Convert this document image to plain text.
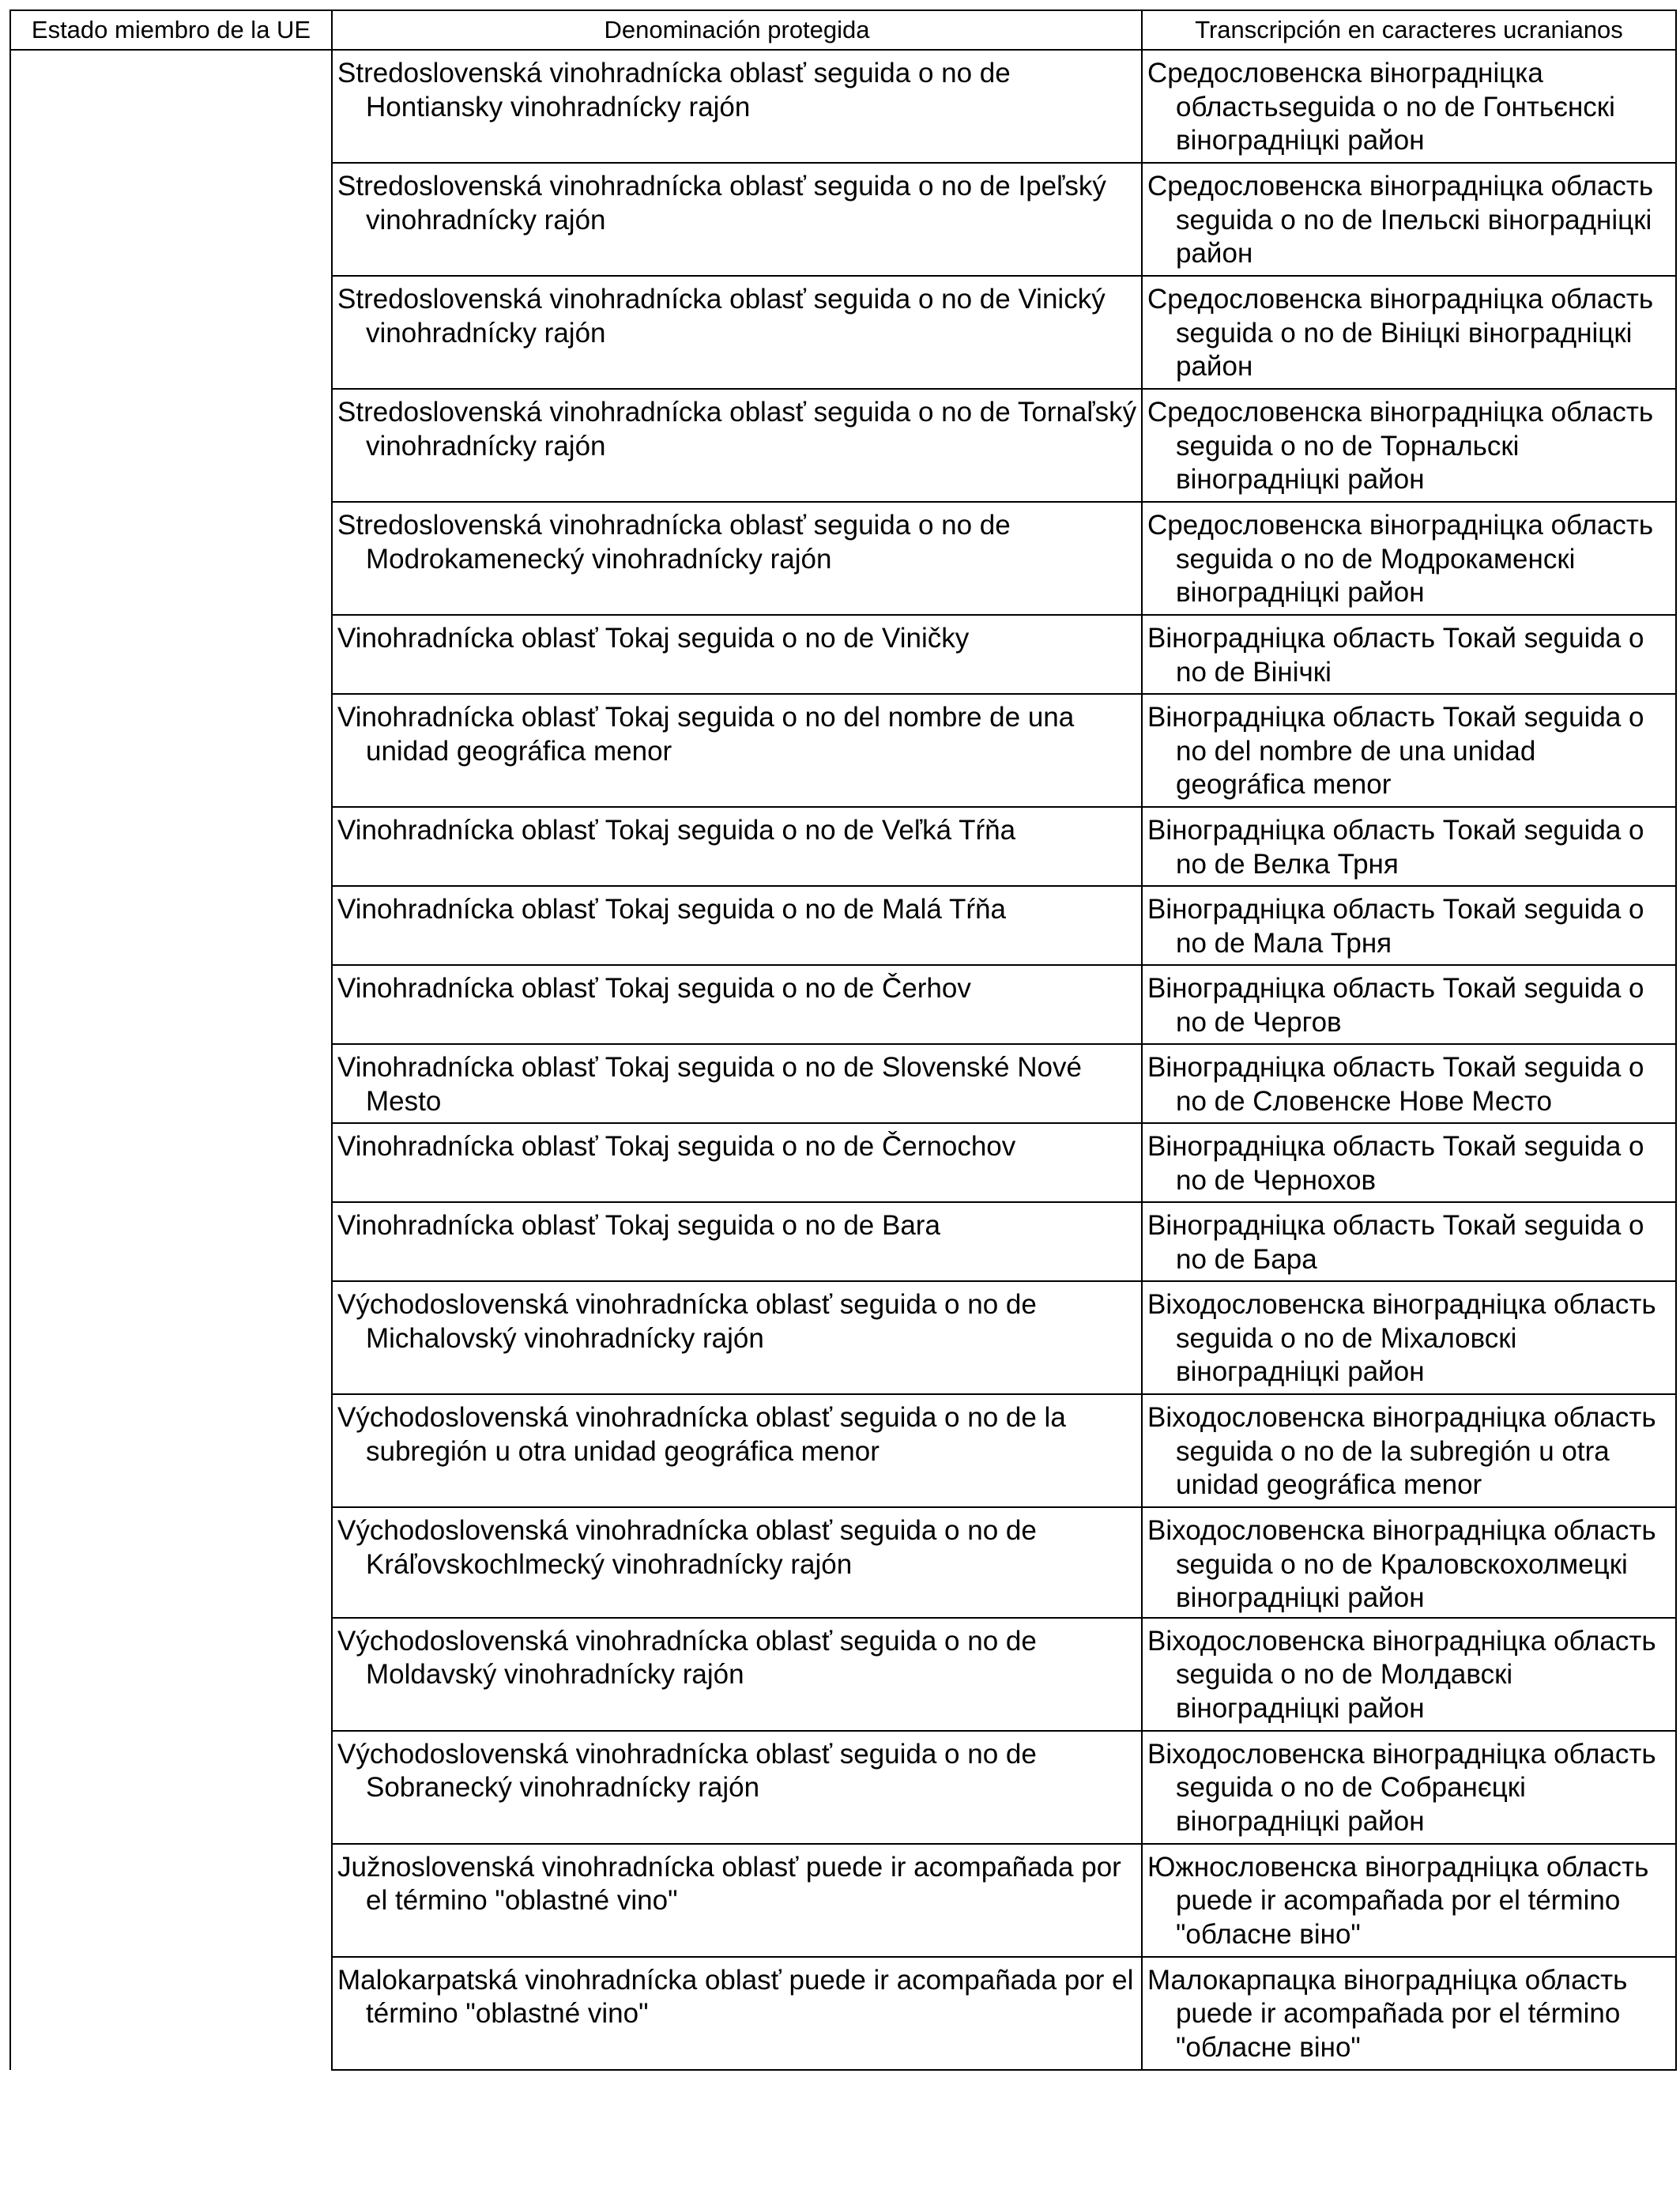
Estado miembro de la UE	Denominación protegida	Transcripción en caracteres ucranianos

	Stredoslovenská vinohradnícka oblasť seguida o no de Hontiansky vinohradnícky rajón	Средословенска віноградніцка областьseguida o no de Гонтьєнскі віноградніцкі район

	Stredoslovenská vinohradnícka oblasť seguida o no de Ipeľský vinohradnícky rajón	Средословенска віноградніцка область seguida o no de Іпельскі віноградніцкі район

	Stredoslovenská vinohradnícka oblasť seguida o no de Vinický vinohradnícky rajón	Средословенска віноградніцка область seguida o no de Вініцкі віноградніцкі район

	Stredoslovenská vinohradnícka oblasť seguida o no de Tornaľský vinohradnícky rajón	Средословенска віноградніцка область seguida o no de Торнальскі віноградніцкі район

	Stredoslovenská vinohradnícka oblasť seguida o no de Modrokamenecký vinohradnícky rajón	Средословенска віноградніцка область seguida o no de Модрокаменскі віноградніцкі район

	Vinohradnícka oblasť Tokaj seguida o no de Viničky	Віноградніцка область Токай seguida o no de Вінічкі

	Vinohradnícka oblasť Tokaj seguida o no del nombre de una unidad geográfica menor	Віноградніцка область Токай seguida o no del nombre de una unidad geográfica menor

	Vinohradnícka oblasť Tokaj seguida o no de Veľká Tŕňa	Віноградніцка область Токай seguida o no de Велка Трня

	Vinohradnícka oblasť Tokaj seguida o no de Malá Tŕňa	Віноградніцка область Токай seguida o no de Мала Трня

	Vinohradnícka oblasť Tokaj seguida o no de Čerhov	Віноградніцка область Токай seguida o no de Чергов

	Vinohradnícka oblasť Tokaj seguida o no de Slovenské Nové Mesto	Віноградніцка область Токай seguida o no de Словенске Нове Место

	Vinohradnícka oblasť Tokaj seguida o no de Černochov	Віноградніцка область Токай seguida o no de Чернохов

	Vinohradnícka oblasť Tokaj seguida o no de Bara	Віноградніцка область Токай seguida o no de Бара

	Východoslovenská vinohradnícka oblasť seguida o no de Michalovský vinohradnícky rajón	Віходословенска віноградніцка область seguida o no de Міхаловскі віноградніцкі район

	Východoslovenská vinohradnícka oblasť seguida o no de la subregión u otra unidad geográfica menor	Віходословенска віноградніцка область seguida o no de la subregión u otra unidad geográfica menor

	Východoslovenská vinohradnícka oblasť seguida o no de Kráľovskochlmecký vinohradnícky rajón	Віходословенска віноградніцка область seguida o no de Краловскохолмецкі віноградніцкі район

	Východoslovenská vinohradnícka oblasť seguida o no de Moldavský vinohradnícky rajón	Віходословенска віноградніцка область seguida o no de Молдавскі віноградніцкі район

	Východoslovenská vinohradnícka oblasť seguida o no de Sobranecký vinohradnícky rajón	Віходословенска віноградніцка область seguida o no de Собранєцкі віноградніцкі район

	Južnoslovenská vinohradnícka oblasť puede ir acompañada por el término "oblastné vino"	Южнословенска віноградніцка область puede ir acompañada por el término "обласне віно"

	Malokarpatská vinohradnícka oblasť puede ir acompañada por el término "oblastné vino"	Малокарпацка віноградніцка область puede ir acompañada por el término "обласне віно"
